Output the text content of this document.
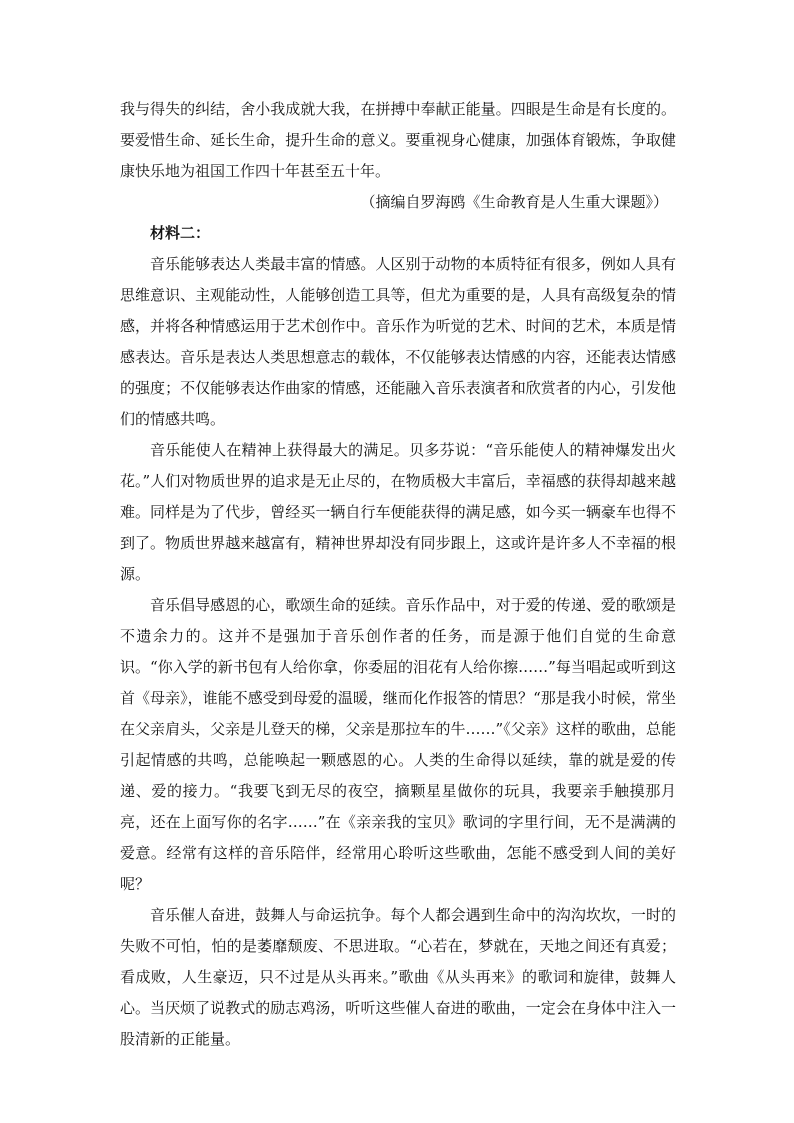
我与得失的纠结，舍小我成就大我，在拼搏中奉献正能量。四眼是生命是有长度的。要爱惜生命、延长生命，提升生命的意义。要重视身心健康，加强体育锻炼，争取健康快乐地为祖国工作四十年甚至五十年。

（摘编自罗海鸥《生命教育是人生重大课题》）

材料二：

音乐能够表达人类最丰富的情感。人区别于动物的本质特征有很多，例如人具有思维意识、主观能动性，人能够创造工具等，但尤为重要的是，人具有高级复杂的情感，并将各种情感运用于艺术创作中。音乐作为听觉的艺术、时间的艺术，本质是情感表达。音乐是表达人类思想意志的载体，不仅能够表达情感的内容，还能表达情感的强度；不仅能够表达作曲家的情感，还能融入音乐表演者和欣赏者的内心，引发他们的情感共鸣。

音乐能使人在精神上获得最大的满足。贝多芬说：“音乐能使人的精神爆发出火花。”人们对物质世界的追求是无止尽的，在物质极大丰富后，幸福感的获得却越来越难。同样是为了代步，曾经买一辆自行车便能获得的满足感，如今买一辆豪车也得不到了。物质世界越来越富有，精神世界却没有同步跟上，这或许是许多人不幸福的根源。

音乐倡导感恩的心，歌颂生命的延续。音乐作品中，对于爱的传递、爱的歌颂是不遗余力的。这并不是强加于音乐创作者的任务，而是源于他们自觉的生命意识。“你入学的新书包有人给你拿，你委屈的泪花有人给你擦……”每当唱起或听到这首《母亲》，谁能不感受到母爱的温暖，继而化作报答的情思？“那是我小时候，常坐在父亲肩头，父亲是儿登天的梯，父亲是那拉车的牛……”《父亲》这样的歌曲，总能引起情感的共鸣，总能唤起一颗感恩的心。人类的生命得以延续，靠的就是爱的传递、爱的接力。“我要飞到无尽的夜空，摘颗星星做你的玩具，我要亲手触摸那月亮，还在上面写你的名字……”在《亲亲我的宝贝》歌词的字里行间，无不是满满的爱意。经常有这样的音乐陪伴，经常用心聆听这些歌曲，怎能不感受到人间的美好呢？

音乐催人奋进，鼓舞人与命运抗争。每个人都会遇到生命中的沟沟坎坎，一时的失败不可怕，怕的是萎靡颓废、不思进取。“心若在，梦就在，天地之间还有真爱；看成败，人生豪迈，只不过是从头再来。”歌曲《从头再来》的歌词和旋律，鼓舞人心。当厌烦了说教式的励志鸡汤，听听这些催人奋进的歌曲，一定会在身体中注入一股清新的正能量。
